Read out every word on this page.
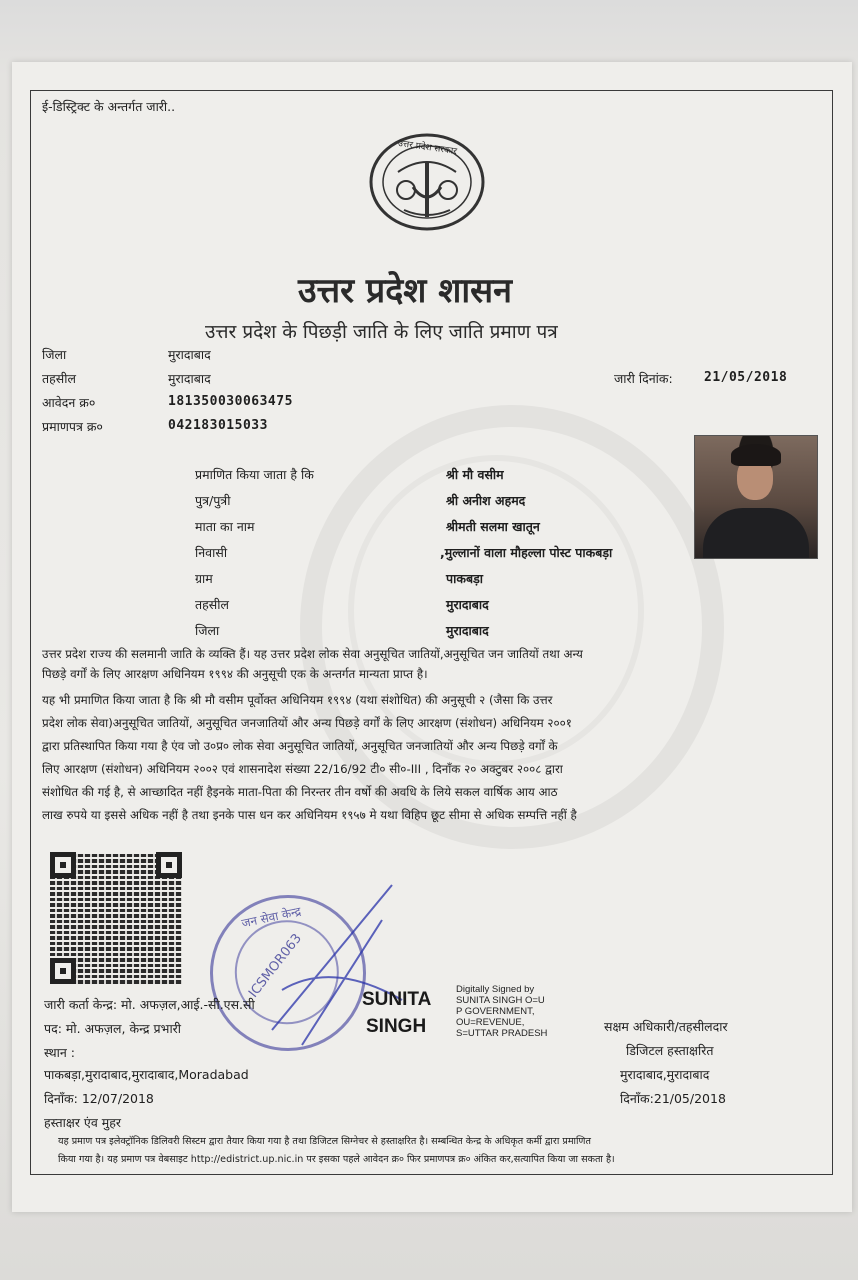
ई-डिस्ट्रिक्ट के अन्तर्गत जारी..
उत्तर प्रदेश सरकार
उत्तर प्रदेश शासन
उत्तर प्रदेश के पिछड़ी जाति के लिए जाति प्रमाण पत्र
जिला	मुरादाबाद
तहसील	मुरादाबाद	जारी दिनांक: 21/05/2018
आवेदन क्र०	181350030063475
प्रमाणपत्र क्र०	042183015033
प्रमाणित किया जाता है कि	श्री मौ वसीम
पुत्र/पुत्री	श्री अनीश अहमद
माता का नाम	श्रीमती सलमा खातून
निवासी	,मुल्लानों वाला मौहल्ला पोस्ट पाकबड़ा
ग्राम	पाकबड़ा
तहसील	मुरादाबाद
जिला	मुरादाबाद
उत्तर प्रदेश राज्य की सलमानी जाति के व्यक्ति हैं। यह उत्तर प्रदेश लोक सेवा अनुसूचित जातियों,अनुसूचित जन जातियों तथा अन्य
पिछड़े वर्गों के लिए आरक्षण अधिनियम १९९४ की अनुसूची एक के अन्तर्गत मान्यता प्राप्त है।
यह भी प्रमाणित किया जाता है कि श्री मौ वसीम पूर्वोक्त अधिनियम १९९४ (यथा संशोधित) की अनुसूची २ (जैसा कि उत्तर
प्रदेश लोक सेवा)अनुसूचित जातियों, अनुसूचित जनजातियों और अन्य पिछड़े वर्गों के लिए आरक्षण (संशोधन) अधिनियम २००१
द्वारा प्रतिस्थापित किया गया है एंव जो उ०प्र० लोक सेवा अनुसूचित जातियों, अनुसूचित जनजातियों और अन्य पिछड़े वर्गों के
लिए आरक्षण (संशोधन) अधिनियम २००२ एवं शासनादेश संख्या 22/16/92 टी० सी०-III , दिनाँक २० अक्टुबर २००८ द्वारा
संशोधित की गई है, से आच्छादित नहीं हैइनके माता-पिता की निरन्तर तीन वर्षो की अवधि के लिये सकल वार्षिक आय आठ
लाख रुपये या इससे अधिक नहीं है तथा इनके पास धन कर अधिनियम १९५७ मे यथा विहिप छूट सीमा से अधिक सम्पत्ति नहीं है
जन सेवा केन्द्र
ICSMOR063
जारी कर्ता केन्द्र: मो. अफज़ल,आई.-सी.एस.सी
पद: मो. अफज़ल, केन्द्र प्रभारी
स्थान :
पाकबड़ा,मुरादाबाद,मुरादाबाद,Moradabad
दिनाँक: 12/07/2018
हस्ताक्षर एंव मुहर
SUNITA
SINGH
Digitally Signed by
SUNITA SINGH O=U
P GOVERNMENT,
OU=REVENUE,
S=UTTAR PRADESH	सक्षम अधिकारी/तहसीलदार
डिजिटल हस्ताक्षरित
मुरादाबाद,मुरादाबाद
दिनाँक:21/05/2018
यह प्रमाण पत्र इलेक्ट्रॉनिक डिलिवरी सिस्टम द्वारा तैयार किया गया है तथा डिजिटल सिग्नेचर से हस्ताक्षरित है। सम्बन्धित केन्द्र के अधिकृत कर्मी द्वारा प्रमाणित
किया गया है। यह प्रमाण पत्र वेबसाइट http://edistrict.up.nic.in पर इसका पहले आवेदन क्र० फिर प्रमाणपत्र क्र० अंकित कर,सत्यापित किया जा सकता है।
